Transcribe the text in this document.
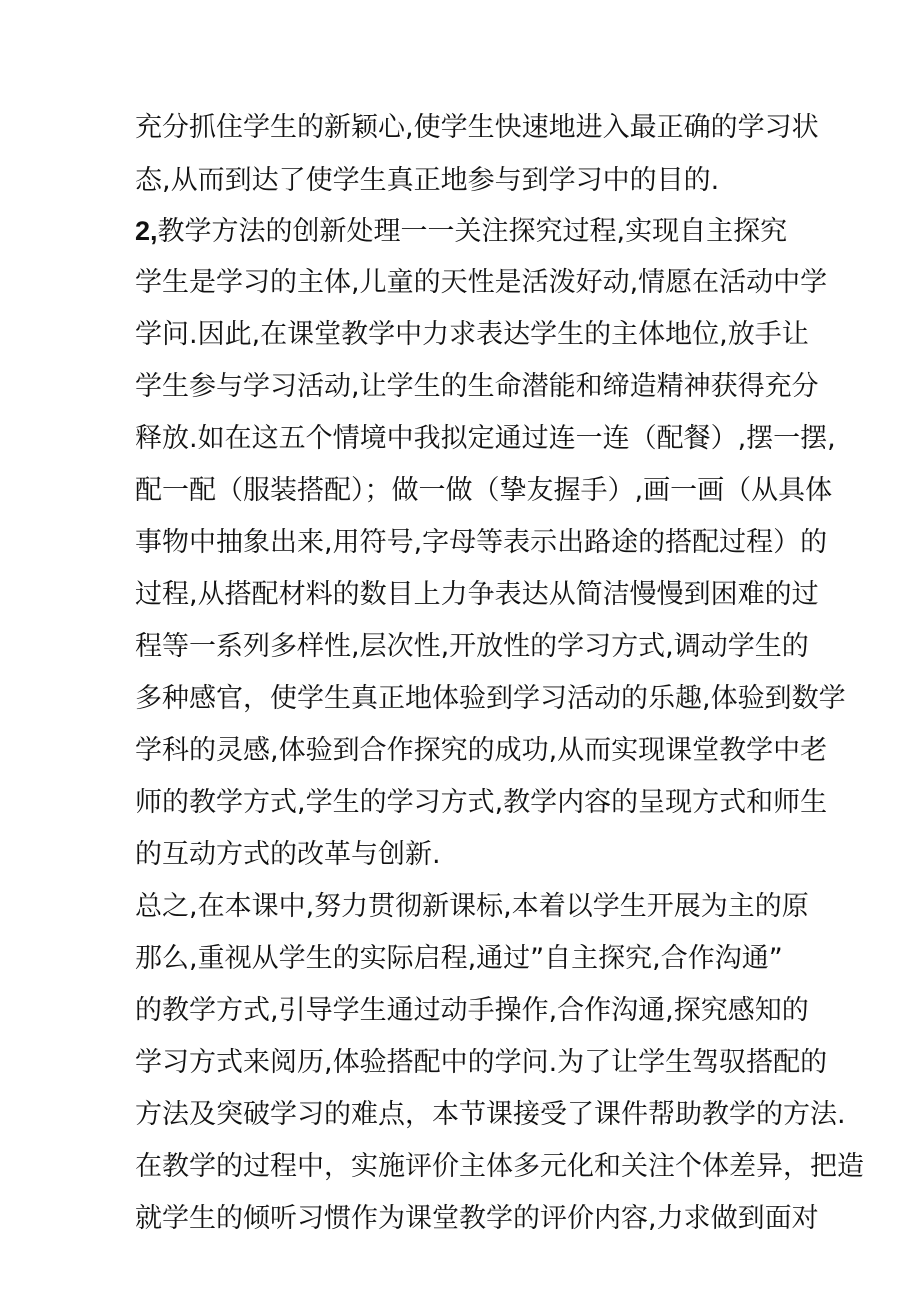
充分抓住学生的新颖心,使学生快速地进入最正确的学习状
态,从而到达了使学生真正地参与到学习中的目的.
2,教学方法的创新处理一一关注探究过程,实现自主探究
学生是学习的主体,儿童的天性是活泼好动,情愿在活动中学
学问.因此,在课堂教学中力求表达学生的主体地位,放手让
学生参与学习活动,让学生的生命潜能和缔造精神获得充分
释放.如在这五个情境中我拟定通过连一连（配餐）,摆一摆,
配一配（服装搭配）；做一做（挚友握手）,画一画（从具体
事物中抽象出来,用符号,字母等表示出路途的搭配过程）的
过程,从搭配材料的数目上力争表达从简洁慢慢到困难的过
程等一系列多样性,层次性,开放性的学习方式,调动学生的
多种感官，使学生真正地体验到学习活动的乐趣,体验到数学
学科的灵感,体验到合作探究的成功,从而实现课堂教学中老
师的教学方式,学生的学习方式,教学内容的呈现方式和师生
的互动方式的改革与创新.
总之,在本课中,努力贯彻新课标,本着以学生开展为主的原
那么,重视从学生的实际启程,通过”自主探究,合作沟通”
的教学方式,引导学生通过动手操作,合作沟通,探究感知的
学习方式来阅历,体验搭配中的学问.为了让学生驾驭搭配的
方法及突破学习的难点，本节课接受了课件帮助教学的方法.
在教学的过程中，实施评价主体多元化和关注个体差异，把造
就学生的倾听习惯作为课堂教学的评价内容,力求做到面对
